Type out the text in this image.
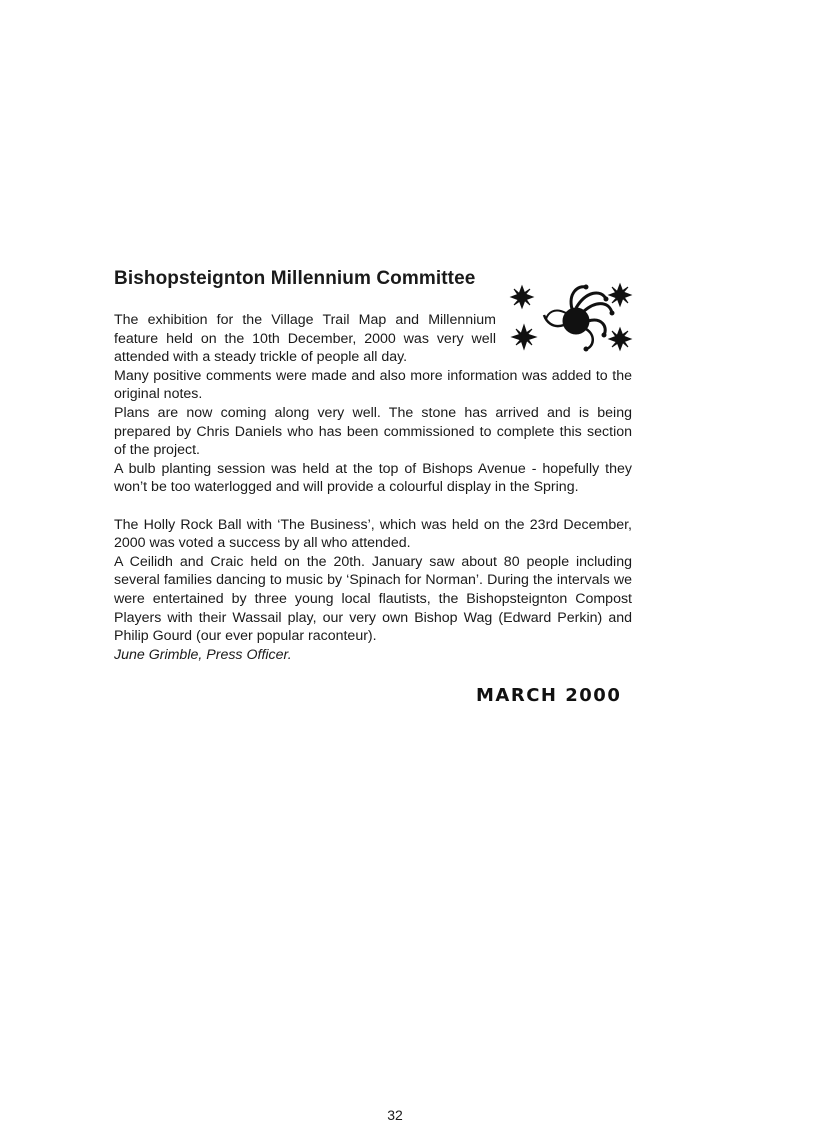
Bishopsteignton Millennium Committee

The exhibition for the Village Trail Map and Millennium feature held on the 10th December, 2000 was very well attended with a steady trickle of people all day.

Many positive comments were made and also more information was added to the original notes.

Plans are now coming along very well. The stone has arrived and is being prepared by Chris Daniels who has been commissioned to complete this section of the project.

A bulb planting session was held at the top of Bishops Avenue - hopefully they won’t be too waterlogged and will provide a colourful display in the Spring.

The Holly Rock Ball with ‘The Business’, which was held on the 23rd December, 2000 was voted a success by all who attended.

A Ceilidh and Craic held on the 20th. January saw about 80 people including several families dancing to music by ‘Spinach for Norman’. During the intervals we were entertained by three young local flautists, the Bishopsteignton Compost Players with their Wassail play, our very own Bishop Wag (Edward Perkin) and Philip Gourd (our ever popular raconteur).

June Grimble, Press Officer.

MARCH 2000
32
